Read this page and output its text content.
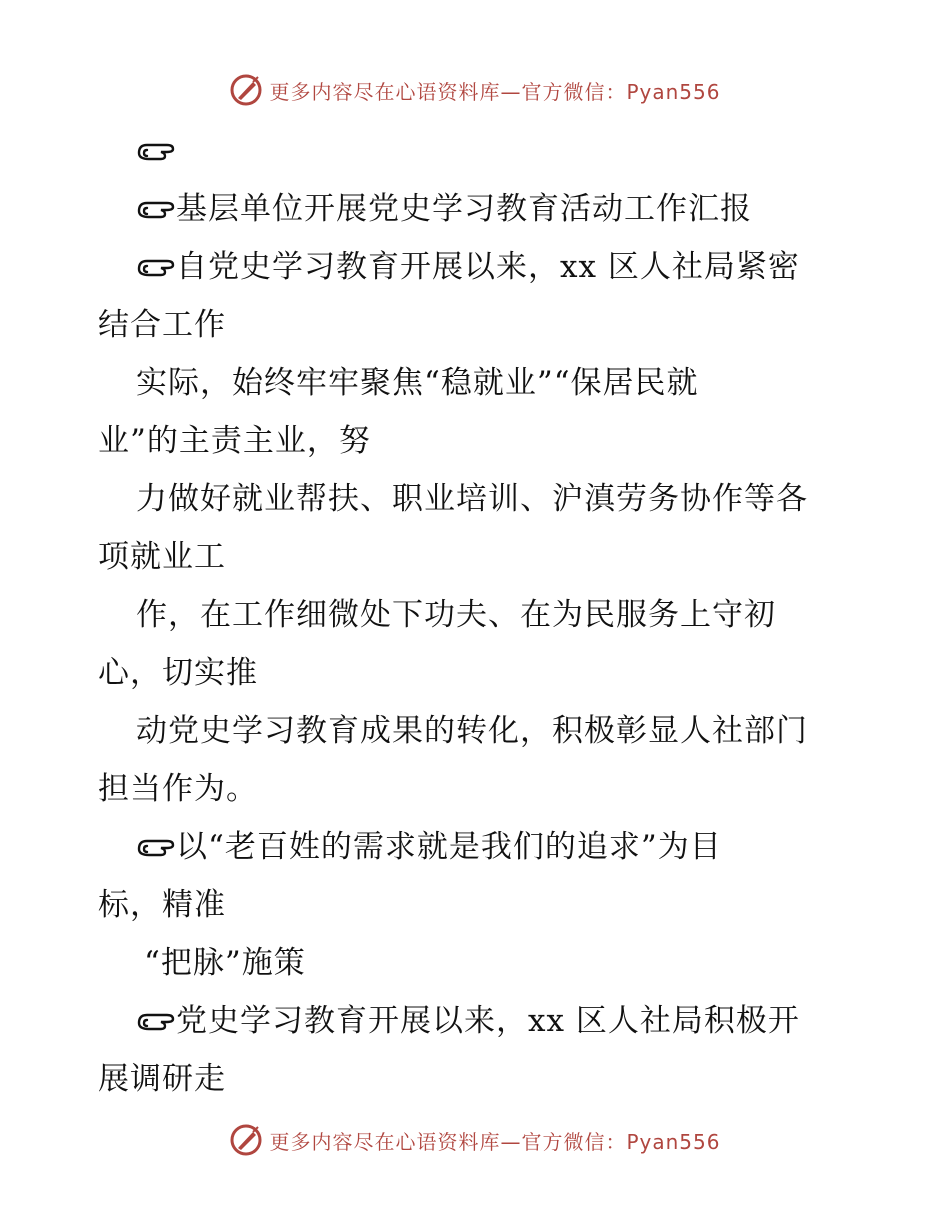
更多内容尽在心语资料库—官方微信：Pyan556
基层单位开展党史学习教育活动工作汇报
自党史学习教育开展以来，xx 区人社局紧密
结合工作
实际，始终牢牢聚焦“稳就业”“保居民就
业”的主责主业，努
力做好就业帮扶、职业培训、沪滇劳务协作等各
项就业工
作，在工作细微处下功夫、在为民服务上守初
心，切实推
动党史学习教育成果的转化，积极彰显人社部门
担当作为。
以“老百姓的需求就是我们的追求”为目
标，精准
“把脉”施策
党史学习教育开展以来，xx 区人社局积极开
展调研走
更多内容尽在心语资料库—官方微信：Pyan556
